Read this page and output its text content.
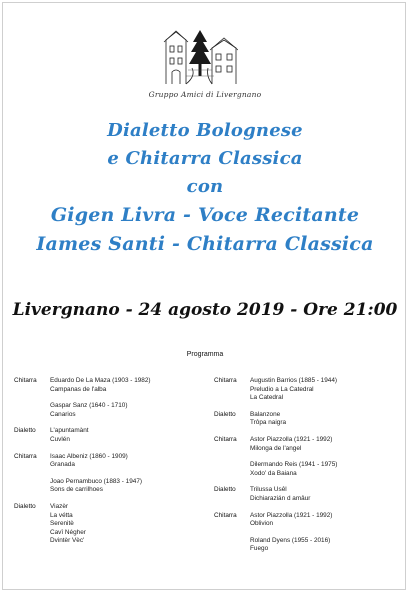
Gruppo Amici di Livergnano
Dialetto Bolognese
e Chitarra Classica
con
Gigen Livra - Voce Recitante
Iames Santi - Chitarra Classica
Livergnano - 24 agosto 2019 - Ore 21:00
Programma
Chitarra	Eduardo De La Maza (1903 - 1982)
Campanas de l'alba
Gaspar Sanz (1640 - 1710)
Canarios
Dialetto	L'apuntamànt
Cuvlén
Chitarra	Isaac Albeniz (1860 - 1909)
Granada
Joao Pernambuco (1883 - 1947)
Sons de carrilhoes
Dialetto	Viazèr
La vétta
Serenitè
Cavî Négher
Dvintèr Vèc'
Chitarra	Augustin Barrios (1885 - 1944)
Preludio a La Catedral
La Catedral
Dialetto	Balanzone
Trôpa naigra
Chitarra	Astor Piazzolla (1921 - 1992)
Milonga de l'angel
Dilermando Reis (1941 - 1975)
Xodo' da Baiana
Dialetto	Trilussa Usêl
Dichiarazián d amâur
Chitarra	Astor Piazzolla (1921 - 1992)
Oblivion
Roland Dyens (1955 - 2016)
Fuego
